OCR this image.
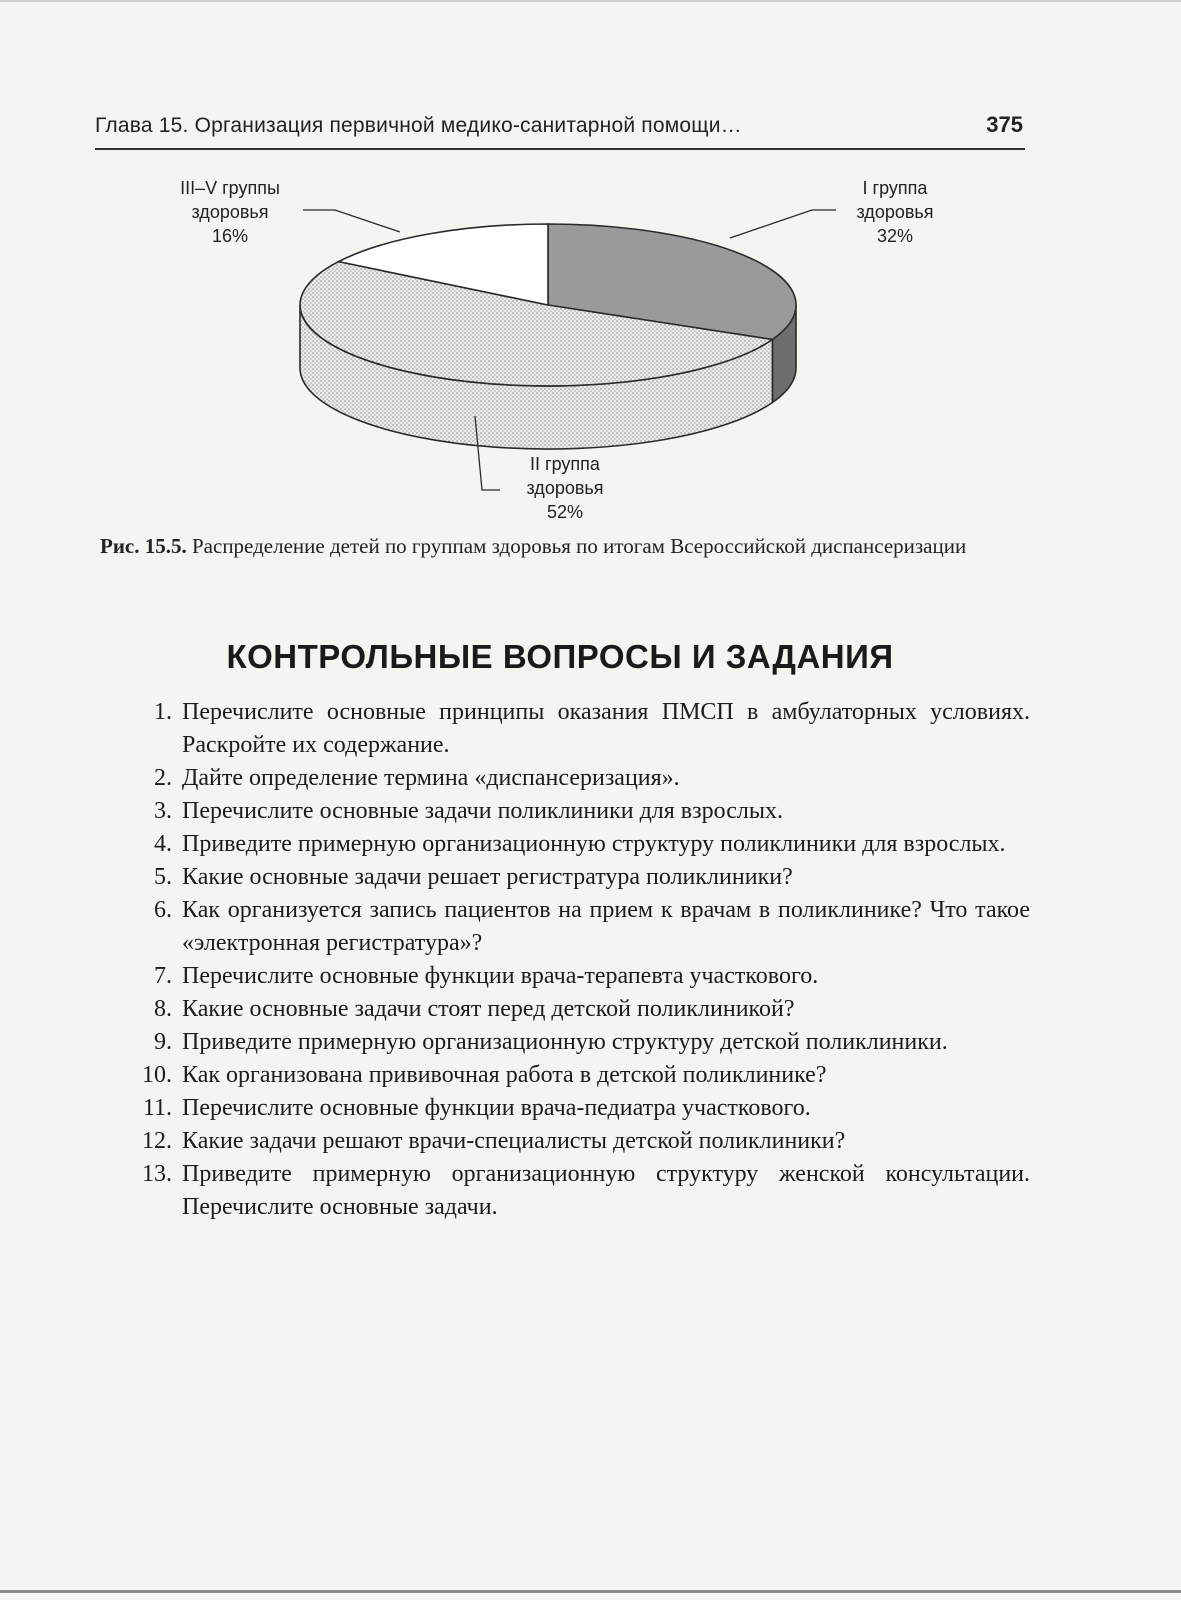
Глава 15. Организация первичной медико-санитарной помощи…	375
I группа
здоровья
32%
II группа
здоровья
52%
III–V группы
здоровья
16%
Рис. 15.5. Распределение детей по группам здоровья по итогам Всероссийской диспансеризации
КОНТРОЛЬНЫЕ ВОПРОСЫ И ЗАДАНИЯ
1. Перечислите основные принципы оказания ПМСП в амбулаторных условиях. Раскройте их содержание.
2. Дайте определение термина «диспансеризация».
3. Перечислите основные задачи поликлиники для взрослых.
4. Приведите примерную организационную структуру поликлиники для взрослых.
5. Какие основные задачи решает регистратура поликлиники?
6. Как организуется запись пациентов на прием к врачам в поликлинике? Что такое «электронная регистратура»?
7. Перечислите основные функции врача-терапевта участкового.
8. Какие основные задачи стоят перед детской поликлиникой?
9. Приведите примерную организационную структуру детской поликлиники.
10. Как организована прививочная работа в детской поликлинике?
11. Перечислите основные функции врача-педиатра участкового.
12. Какие задачи решают врачи-специалисты детской поликлиники?
13. Приведите примерную организационную структуру женской консультации. Перечислите основные задачи.
